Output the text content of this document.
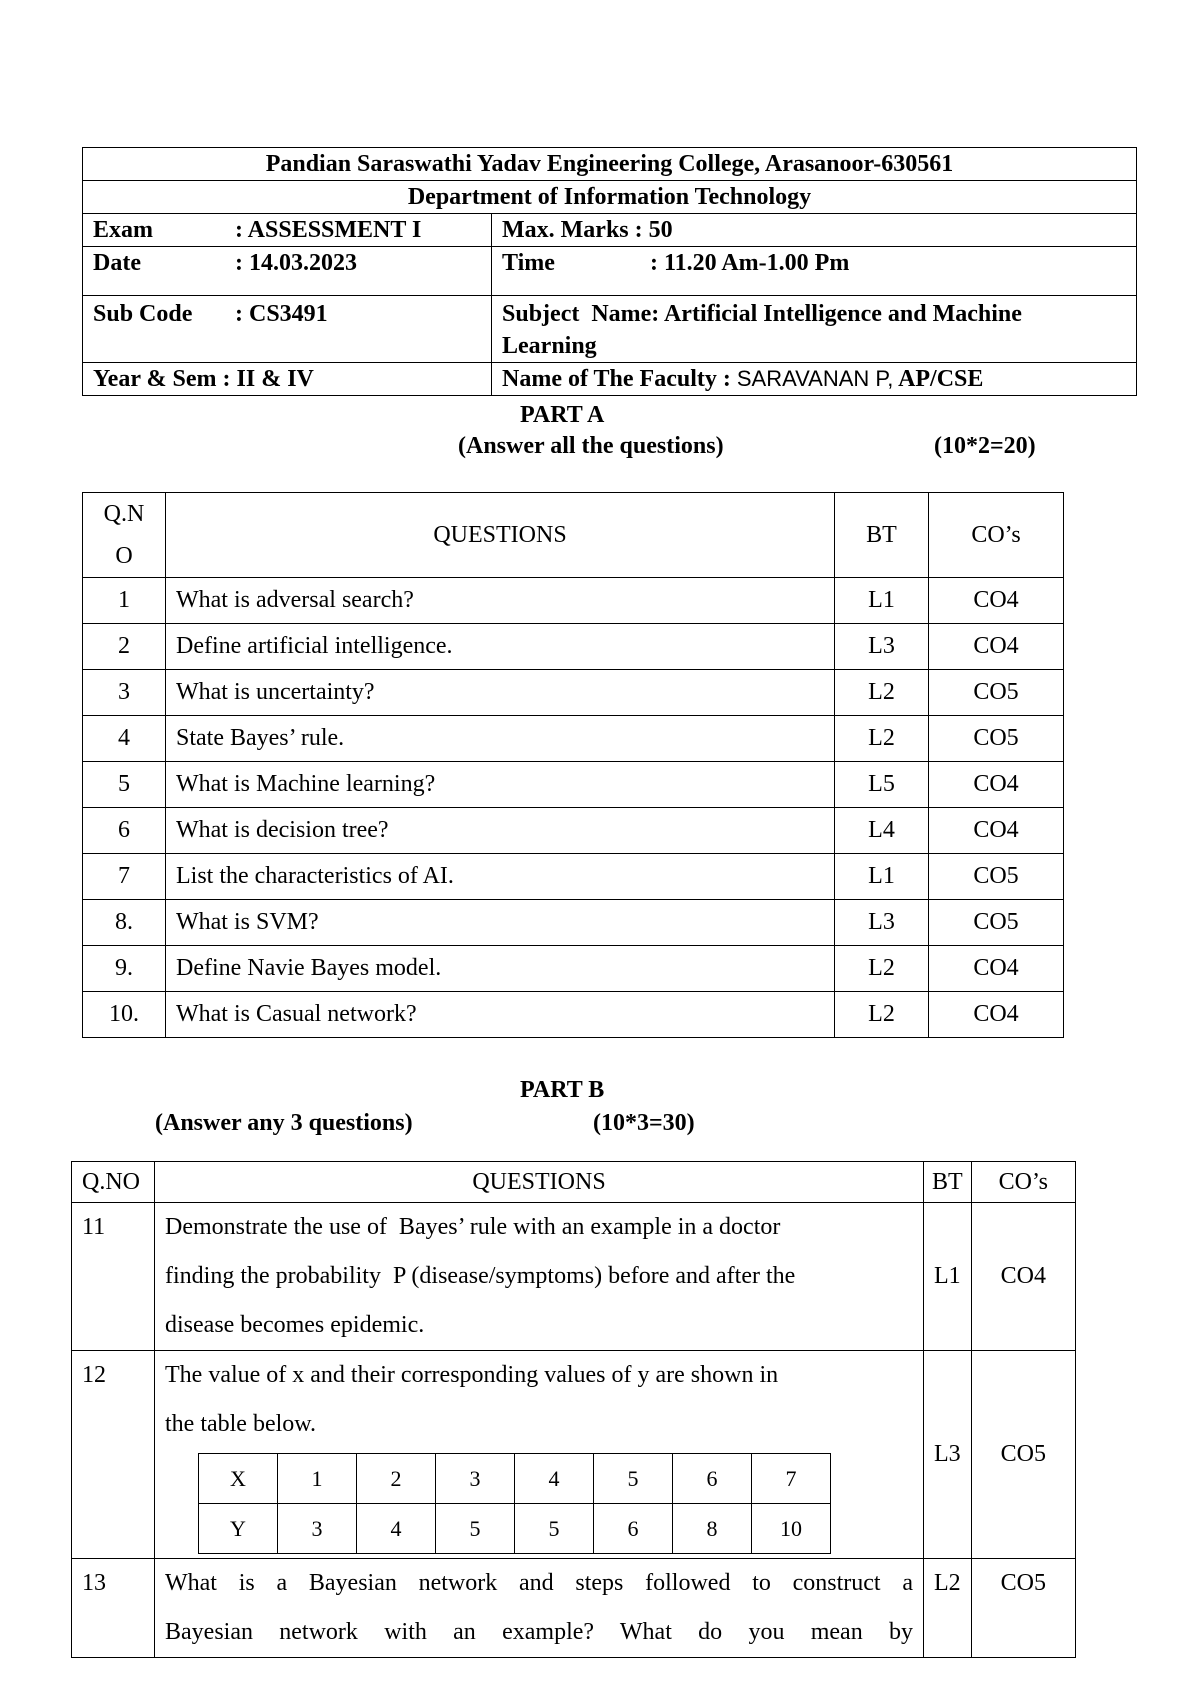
Pandian Saraswathi Yadav Engineering College, Arasanoor-630561	
Department of Information Technology	
Exam : ASSESSMENT I	Max. Marks : 50
Date : 14.03.2023	Time : 11.20 Am-1.00 Pm
Sub Code : CS3491	Subject  Name: Artificial Intelligence and Machine
Learning

Year & Sem : II & IV	Name of The Faculty : SARAVANAN P, AP/CSE
PART A
(Answer all the questions)	(10*2=20)
Q.N
O	QUESTIONS	BT	CO’s
1	What is adversal search?	L1	CO4
2	Define artificial intelligence.	L3	CO4
3	What is uncertainty?	L2	CO5
4	State Bayes’ rule.	L2	CO5
5	What is Machine learning?	L5	CO4
6	What is decision tree?	L4	CO4
7	List the characteristics of AI.	L1	CO5
8.	What is SVM?	L3	CO5
9.	Define Navie Bayes model.	L2	CO4
10.	What is Casual network?	L2	CO4
PART B
(Answer any 3 questions)	(10*3=30)
Q.NO	QUESTIONS	BT	CO’s
11	Demonstrate the use of  Bayes’ rule with an example in a doctor
finding the probability  P (disease/symptoms) before and after the
disease becomes epidemic.
	L1	CO4
12	The value of x and their corresponding values of y are shown in
the table below.
X	1	2	3	4	5	6	7
Y	3	4	5	5	6	8	10
	L3	CO5
13	What is a Bayesian network and steps followed to construct a
Bayesian network with an example? What do you mean by
	L2	CO5
